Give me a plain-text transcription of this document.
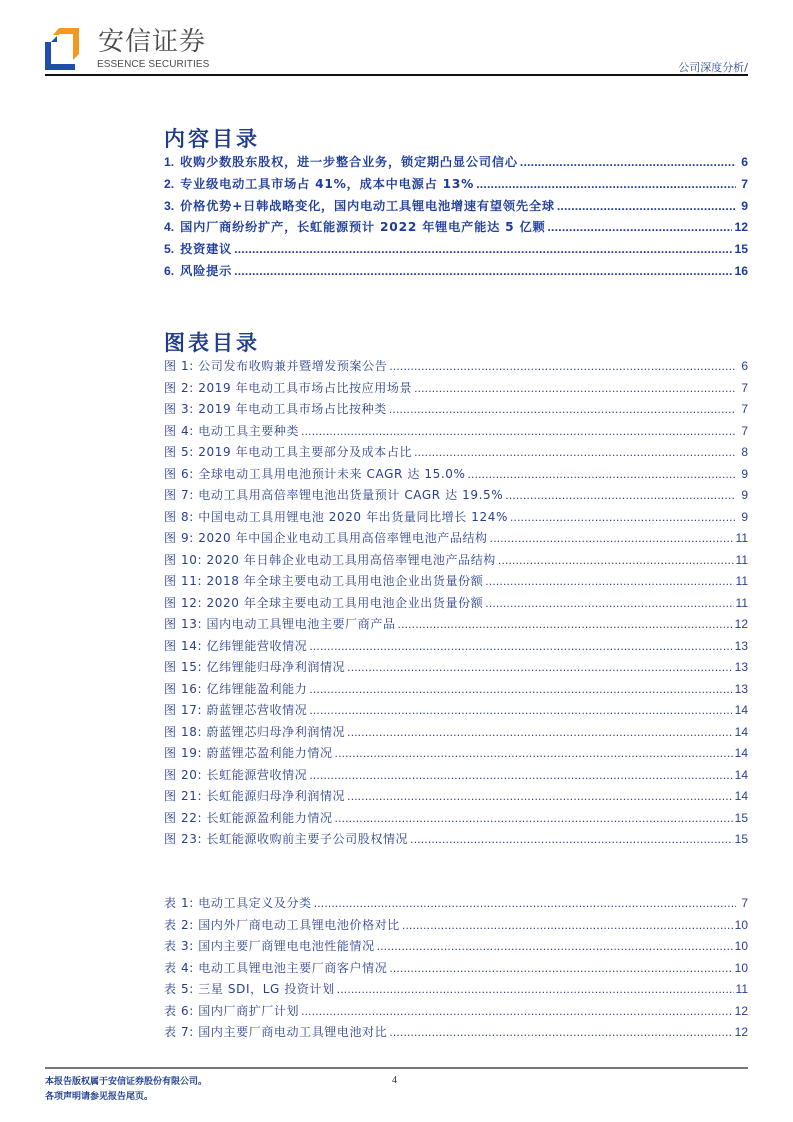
安信证券
ESSENCE SECURITIES	公司深度分析/
内容目录
1. 收购少数股东股权，进一步整合业务，锁定期凸显公司信心 .....	6
2. 专业级电动工具市场占 41%，成本中电源占 13% .....	7
3. 价格优势+日韩战略变化，国内电动工具锂电池增速有望领先全球 .....	9
4. 国内厂商纷纷扩产，长虹能源预计 2022 年锂电产能达 5 亿颗 .....	12
5. 投资建议 .....	15
6. 风险提示 .....	16
图表目录
图 1: 公司发布收购兼并暨增发预案公告 .....	6
图 2: 2019 年电动工具市场占比按应用场景 .....	7
图 3: 2019 年电动工具市场占比按种类 .....	7
图 4: 电动工具主要种类 .....	7
图 5: 2019 年电动工具主要部分及成本占比 .....	8
图 6: 全球电动工具用电池预计未来 CAGR 达 15.0% .....	9
图 7: 电动工具用高倍率锂电池出货量预计 CAGR 达 19.5% .....	9
图 8: 中国电动工具用锂电池 2020 年出货量同比增长 124% .....	9
图 9: 2020 年中国企业电动工具用高倍率锂电池产品结构 .....	11
图 10: 2020 年日韩企业电动工具用高倍率锂电池产品结构 .....	11
图 11: 2018 年全球主要电动工具用电池企业出货量份额 .....	11
图 12: 2020 年全球主要电动工具用电池企业出货量份额 .....	11
图 13: 国内电动工具锂电池主要厂商产品 .....	12
图 14: 亿纬锂能营收情况 .....	13
图 15: 亿纬锂能归母净利润情况 .....	13
图 16: 亿纬锂能盈利能力 .....	13
图 17: 蔚蓝锂芯营收情况 .....	14
图 18: 蔚蓝锂芯归母净利润情况 .....	14
图 19: 蔚蓝锂芯盈利能力情况 .....	14
图 20: 长虹能源营收情况 .....	14
图 21: 长虹能源归母净利润情况 .....	14
图 22: 长虹能源盈利能力情况 .....	15
图 23: 长虹能源收购前主要子公司股权情况 .....	15
表 1: 电动工具定义及分类 .....	7
表 2: 国内外厂商电动工具锂电池价格对比 .....	10
表 3: 国内主要厂商锂电电池性能情况 .....	10
表 4: 电动工具锂电池主要厂商客户情况 .....	10
表 5: 三星 SDI，LG 投资计划 .....	11
表 6: 国内厂商扩厂计划 .....	12
表 7: 国内主要厂商电动工具锂电池对比 .....	12
本报告版权属于安信证券股份有限公司。
各项声明请参见报告尾页。
4
